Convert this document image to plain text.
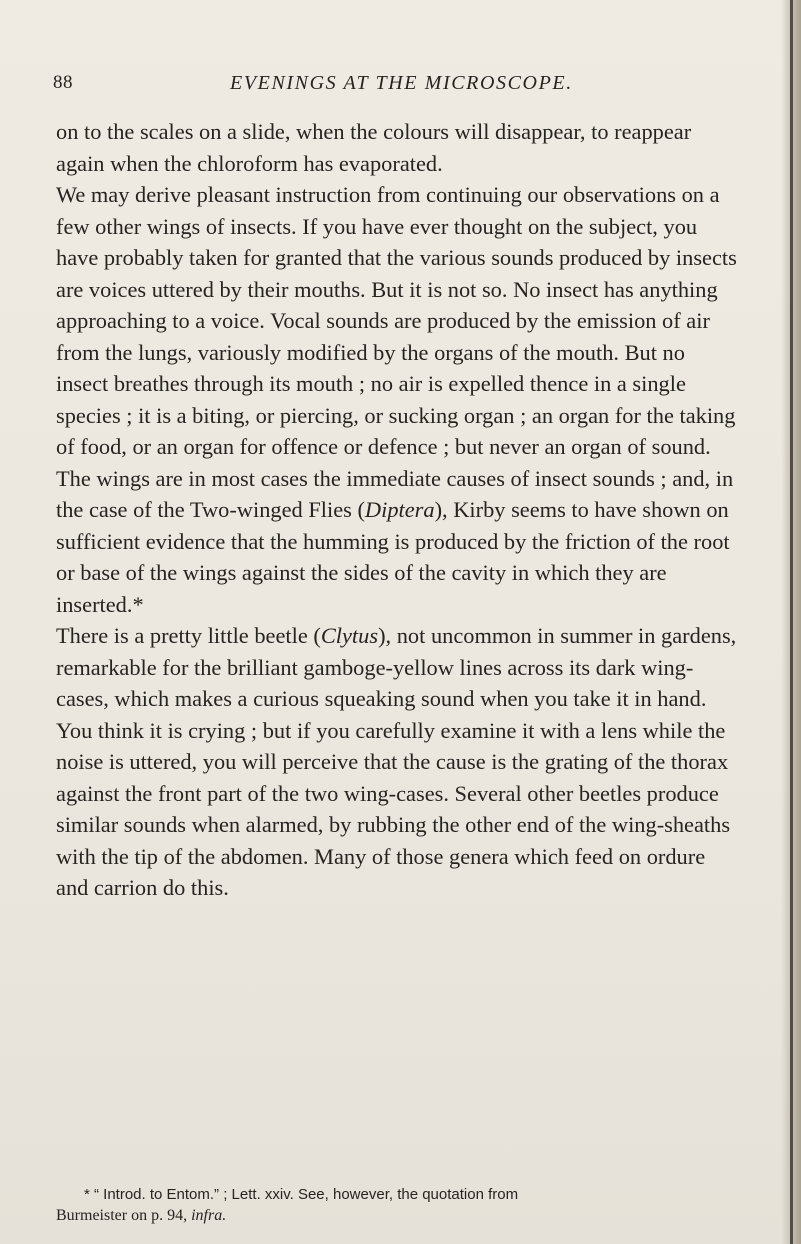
88	EVENINGS AT THE MICROSCOPE.

on to the scales on a slide, when the colours will disappear, to reappear again when the chloroform has evaporated.

We may derive pleasant instruction from continuing our observations on a few other wings of insects. If you have ever thought on the subject, you have probably taken for granted that the various sounds produced by insects are voices uttered by their mouths. But it is not so. No insect has anything approaching to a voice. Vocal sounds are produced by the emission of air from the lungs, variously modified by the organs of the mouth. But no insect breathes through its mouth ; no air is expelled thence in a single species ; it is a biting, or piercing, or sucking organ ; an organ for the taking of food, or an organ for offence or defence ; but never an organ of sound.

The wings are in most cases the immediate causes of insect sounds ; and, in the case of the Two-winged Flies (Diptera), Kirby seems to have shown on sufficient evidence that the humming is produced by the friction of the root or base of the wings against the sides of the cavity in which they are inserted.*

There is a pretty little beetle (Clytus), not uncommon in summer in gardens, remarkable for the brilliant gamboge-yellow lines across its dark wing-cases, which makes a curious squeaking sound when you take it in hand. You think it is crying ; but if you carefully examine it with a lens while the noise is uttered, you will perceive that the cause is the grating of the thorax against the front part of the two wing-cases. Several other beetles produce similar sounds when alarmed, by rubbing the other end of the wing-sheaths with the tip of the abdomen. Many of those genera which feed on ordure and carrion do this.

* “ Introd. to Entom.” ; Lett. xxiv. See, however, the quotation from
Burmeister on p. 94, infra.
